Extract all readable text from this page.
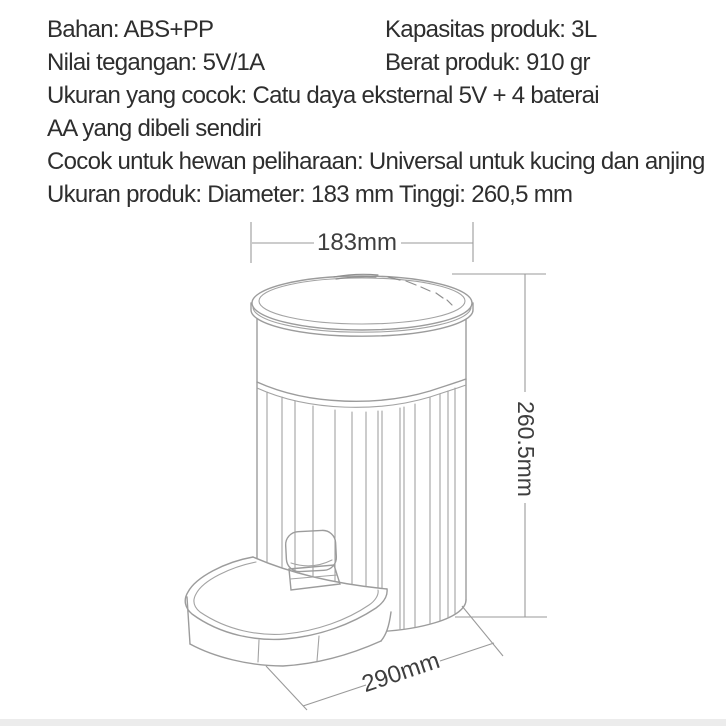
Bahan: ABS+PP	Kapasitas produk: 3L
Nilai tegangan: 5V/1A	Berat produk: 910 gr
Ukuran yang cocok: Catu daya eksternal 5V + 4 baterai
AA yang dibeli sendiri
Cocok untuk hewan peliharaan: Universal untuk kucing dan anjing
Ukuran produk: Diameter: 183 mm Tinggi: 260,5 mm
183mm
260.5mm
290mm
